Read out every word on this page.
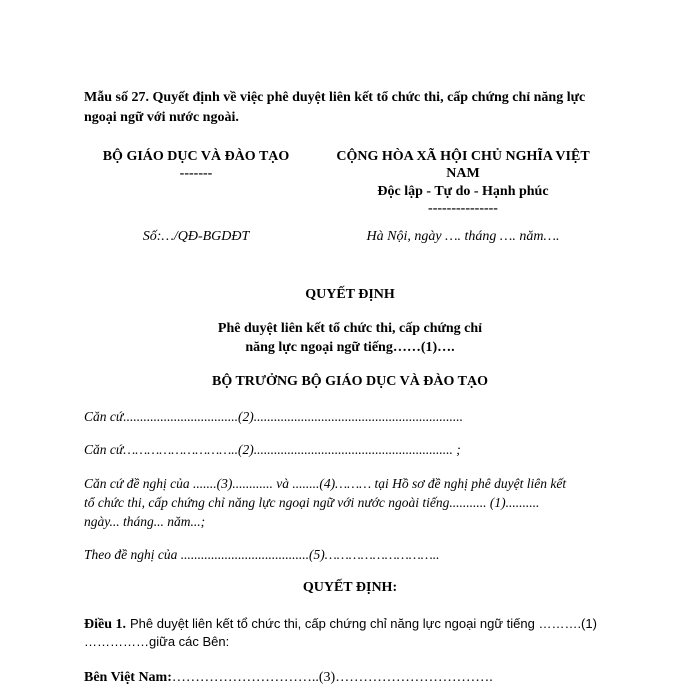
Mẫu số 27. Quyết định về việc phê duyệt liên kết tổ chức thi, cấp chứng chỉ năng lực
ngoại ngữ với nước ngoài.
BỘ GIÁO DỤC VÀ ĐÀO TẠO
-------
CỘNG HÒA XÃ HỘI CHỦ NGHĨA VIỆT
NAM
Độc lập - Tự do - Hạnh phúc
---------------
Số:…/QĐ-BGDĐT	Hà Nội, ngày …. tháng …. năm….
QUYẾT ĐỊNH
Phê duyệt liên kết tổ chức thi, cấp chứng chỉ
năng lực ngoại ngữ tiếng……(1)….
BỘ TRƯỞNG BỘ GIÁO DỤC VÀ ĐÀO TẠO
Căn cứ..................................(2)..............................................................
Căn cứ………………………..(2)........................................................... ;
Căn cứ đề nghị của .......(3)............ và ........(4)……… tại Hồ sơ đề nghị phê duyệt liên kết
tổ chức thi, cấp chứng chỉ năng lực ngoại ngữ với nước ngoài tiếng........... (1)..........
ngày... tháng... năm...;
Theo đề nghị của ......................................(5)………………………..
QUYẾT ĐỊNH:
Điều 1. Phê duyệt liên kết tổ chức thi, cấp chứng chỉ năng lực ngoại ngữ tiếng ……….(1)
……………giữa các Bên:
Bên Việt Nam:…………………………..(3)…………………………….
